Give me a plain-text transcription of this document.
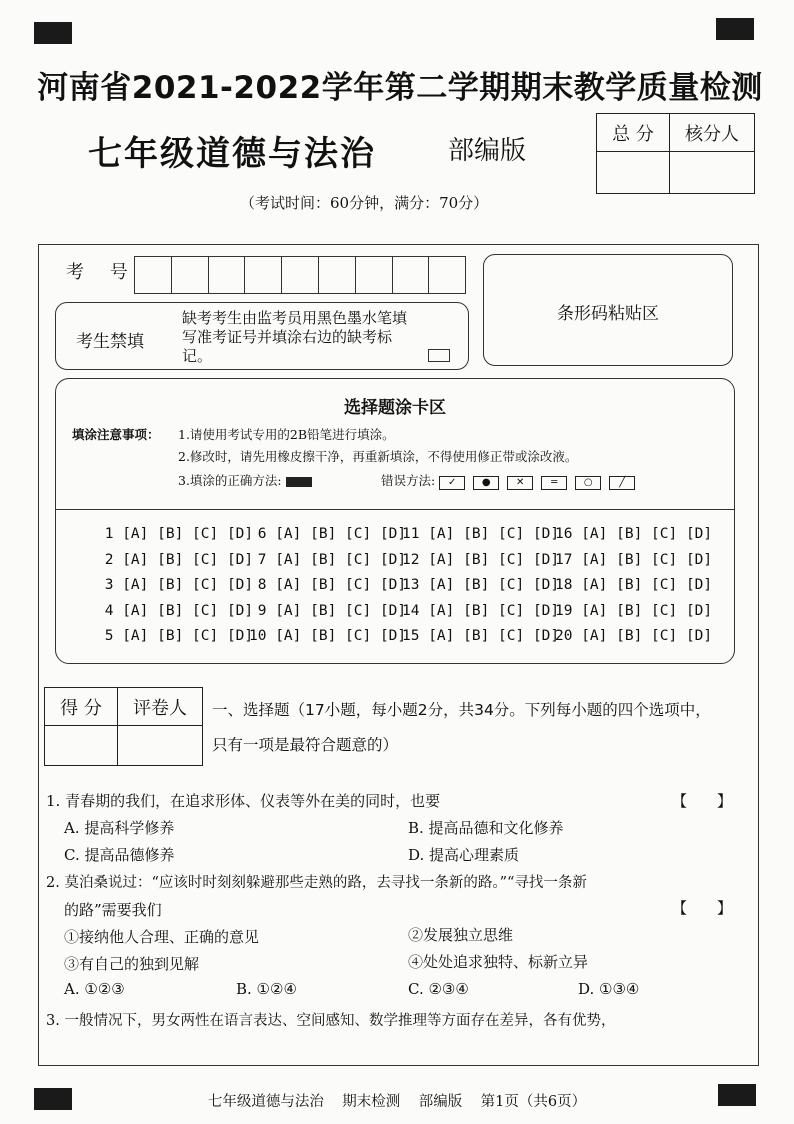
河南省2021-2022学年第二学期期末教学质量检测
七年级道德与法治	部编版
（考试时间：60分钟，满分：70分）
总 分	核分人

考 号
条形码粘贴区
考生禁填
缺考考生由监考员用黑色墨水笔填写准考证号并填涂右边的缺考标记。
选择题涂卡区
填涂注意事项： 1.请使用考试专用的2B铅笔进行填涂。
2.修改时，请先用橡皮擦干净，再重新填涂，不得使用修正带或涂改液。
3.填涂的正确方法:	错误方法: ✓	●	✕	═	○	╱
1 [A] [B] [C] [D]
2 [A] [B] [C] [D]
3 [A] [B] [C] [D]
4 [A] [B] [C] [D]
5 [A] [B] [C] [D]
6 [A] [B] [C] [D]
7 [A] [B] [C] [D]
8 [A] [B] [C] [D]
9 [A] [B] [C] [D]
10 [A] [B] [C] [D]
11 [A] [B] [C] [D]
12 [A] [B] [C] [D]
13 [A] [B] [C] [D]
14 [A] [B] [C] [D]
15 [A] [B] [C] [D]
16 [A] [B] [C] [D]
17 [A] [B] [C] [D]
18 [A] [B] [C] [D]
19 [A] [B] [C] [D]
20 [A] [B] [C] [D]
得 分	评卷人
	一、选择题（17小题，每小题2分，共34分。下列每小题的四个选项中，
只有一项是最符合题意的）
1. 青春期的我们，在追求形体、仪表等外在美的同时，也要	【　　】
A. 提高科学修养	B. 提高品德和文化修养
C. 提高品德修养	D. 提高心理素质
2. 莫泊桑说过：“应该时时刻刻躲避那些走熟的路，去寻找一条新的路。”“寻找一条新
的路”需要我们	【　　】
①接纳他人合理、正确的意见	②发展独立思维
③有自己的独到见解	④处处追求独特、标新立异
A. ①②③	B. ①②④	C. ②③④	D. ①③④
3. 一般情况下，男女两性在语言表达、空间感知、数学推理等方面存在差异，各有优势，
七年级道德与法治    期末检测    部编版    第1页（共6页）
